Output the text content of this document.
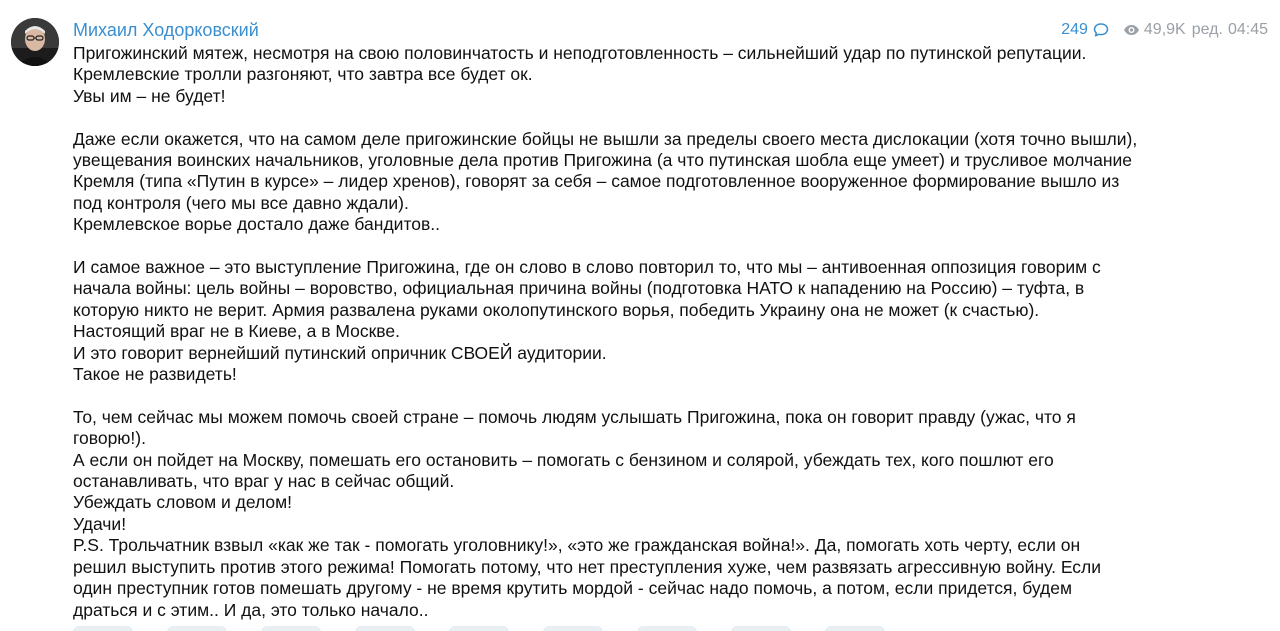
Михаил Ходорковский	249	49,9K ред. 04:45
Пригожинский мятеж, несмотря на свою половинчатость и неподготовленность – сильнейший удар по путинской репутации.
Кремлевские тролли разгоняют, что завтра все будет ок.
Увы им – не будет!
Даже если окажется, что на самом деле пригожинские бойцы не вышли за пределы своего места дислокации (хотя точно вышли),
увещевания воинских начальников, уголовные дела против Пригожина (а что путинская шобла еще умеет) и трусливое молчание
Кремля (типа «Путин в курсе» – лидер хренов), говорят за себя – самое подготовленное вооруженное формирование вышло из
под контроля (чего мы все давно ждали).
Кремлевское ворье достало даже бандитов..
И самое важное – это выступление Пригожина, где он слово в слово повторил то, что мы – антивоенная оппозиция говорим с
начала войны: цель войны – воровство, официальная причина войны (подготовка НАТО к нападению на Россию) – туфта, в
которую никто не верит. Армия развалена руками околопутинского ворья, победить Украину она не может (к счастью).
Настоящий враг не в Киеве, а в Москве.
И это говорит вернейший путинский опричник СВОЕЙ аудитории.
Такое не развидеть!
То, чем сейчас мы можем помочь своей стране – помочь людям услышать Пригожина, пока он говорит правду (ужас, что я
говорю!).
А если он пойдет на Москву, помешать его остановить – помогать с бензином и солярой, убеждать тех, кого пошлют его
останавливать, что враг у нас в сейчас общий.
Убеждать словом и делом!
Удачи!
P.S. Трольчатник взвыл «как же так - помогать уголовнику!», «это же гражданская война!». Да, помогать хоть черту, если он
решил выступить против этого режима! Помогать потому, что нет преступления хуже, чем развязать агрессивную войну. Если
один преступник готов помешать другому - не время крутить мордой - сейчас надо помочь, а потом, если придется, будем
драться и с этим.. И да, это только начало..
